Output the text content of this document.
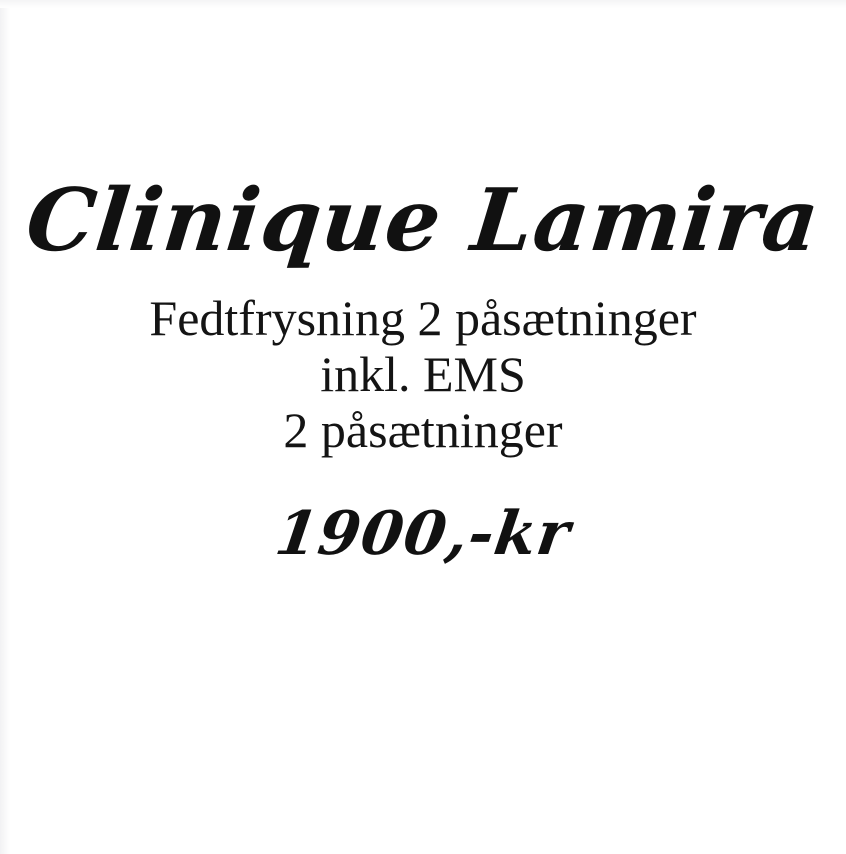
Clinique Lamira
Fedtfrysning 2 påsætninger
inkl. EMS
2 påsætninger
1900,-kr
